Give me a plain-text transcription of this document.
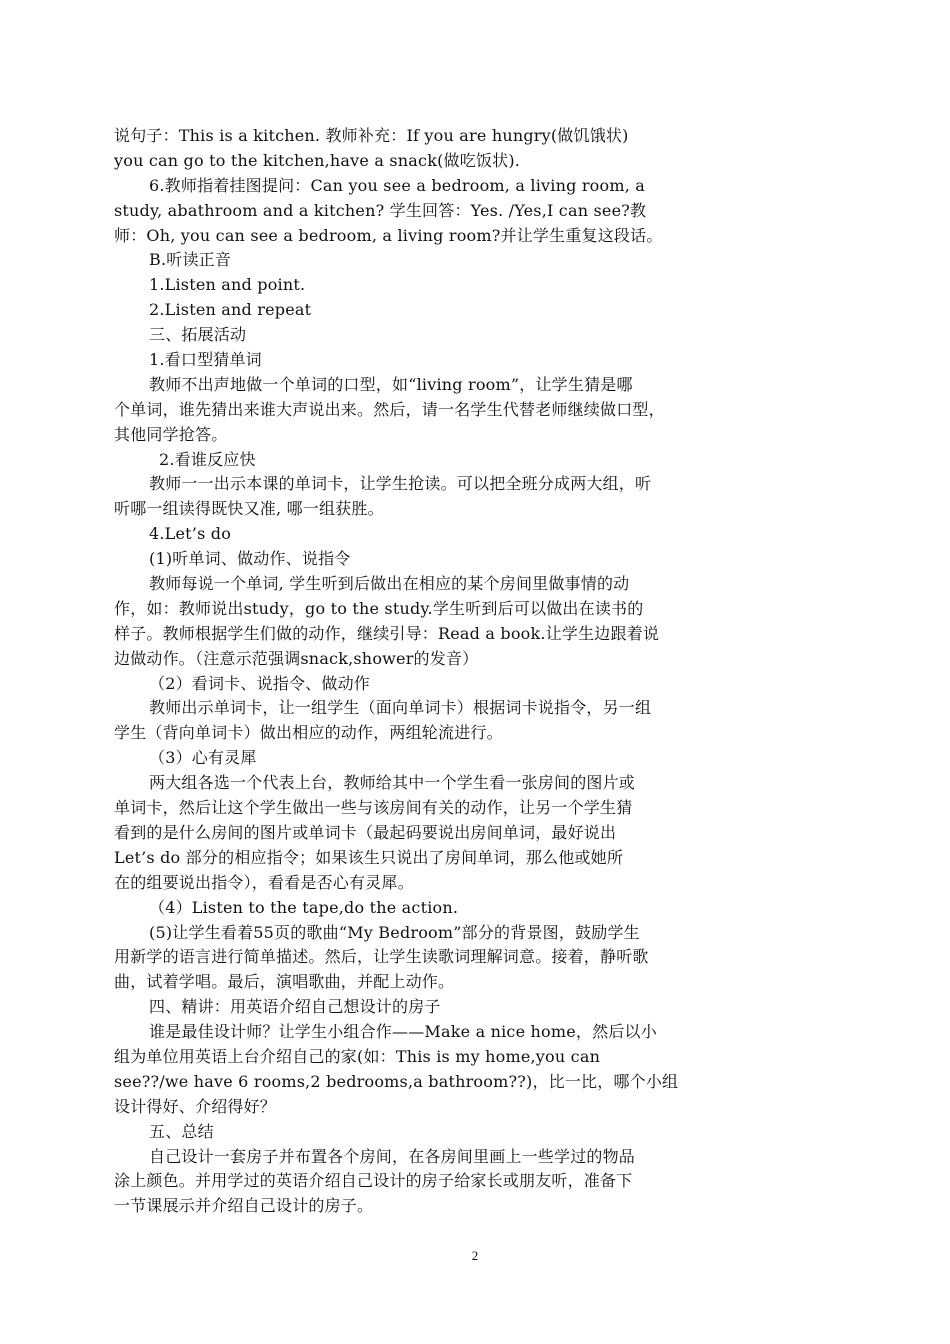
说句子：This is a kitchen. 教师补充：If you are hungry(做饥饿状)
you can go to the kitchen,have a snack(做吃饭状).
6.教师指着挂图提问：Can you see a bedroom, a living room, a
study, abathroom and a kitchen? 学生回答：Yes. /Yes,I can see?教
师：Oh, you can see a bedroom, a living room?并让学生重复这段话。
B.听读正音
1.Listen and point.
2.Listen and repeat
三、拓展活动
1.看口型猜单词
教师不出声地做一个单词的口型，如“living room”，让学生猜是哪
个单词，谁先猜出来谁大声说出来。然后，请一名学生代替老师继续做口型，
其他同学抢答。
2.看谁反应快
教师一一出示本课的单词卡，让学生抢读。可以把全班分成两大组，听
听哪一组读得既快又准, 哪一组获胜。
4.Let’s do
(1)听单词、做动作、说指令
教师每说一个单词, 学生听到后做出在相应的某个房间里做事情的动
作，如：教师说出study，go to the study.学生听到后可以做出在读书的
样子。教师根据学生们做的动作，继续引导：Read a book.让学生边跟着说
边做动作。（注意示范强调snack,shower的发音）
（2）看词卡、说指令、做动作
教师出示单词卡，让一组学生（面向单词卡）根据词卡说指令，另一组
学生（背向单词卡）做出相应的动作，两组轮流进行。
（3）心有灵犀
两大组各选一个代表上台，教师给其中一个学生看一张房间的图片或
单词卡，然后让这个学生做出一些与该房间有关的动作，让另一个学生猜
看到的是什么房间的图片或单词卡（最起码要说出房间单词，最好说出
Let’s do 部分的相应指令；如果该生只说出了房间单词，那么他或她所
在的组要说出指令），看看是否心有灵犀。
（4）Listen to the tape,do the action.
(5)让学生看着55页的歌曲“My Bedroom”部分的背景图，鼓励学生
用新学的语言进行简单描述。然后，让学生读歌词理解词意。接着，静听歌
曲，试着学唱。最后，演唱歌曲，并配上动作。
四、精讲：用英语介绍自己想设计的房子
谁是最佳设计师？让学生小组合作——Make a nice home，然后以小
组为单位用英语上台介绍自己的家(如：This is my home,you can
see??/we have 6 rooms,2 bedrooms,a bathroom??)，比一比，哪个小组
设计得好、介绍得好？
五、总结
自己设计一套房子并布置各个房间，在各房间里画上一些学过的物品
涂上颜色。并用学过的英语介绍自己设计的房子给家长或朋友听，准备下
一节课展示并介绍自己设计的房子。
2
